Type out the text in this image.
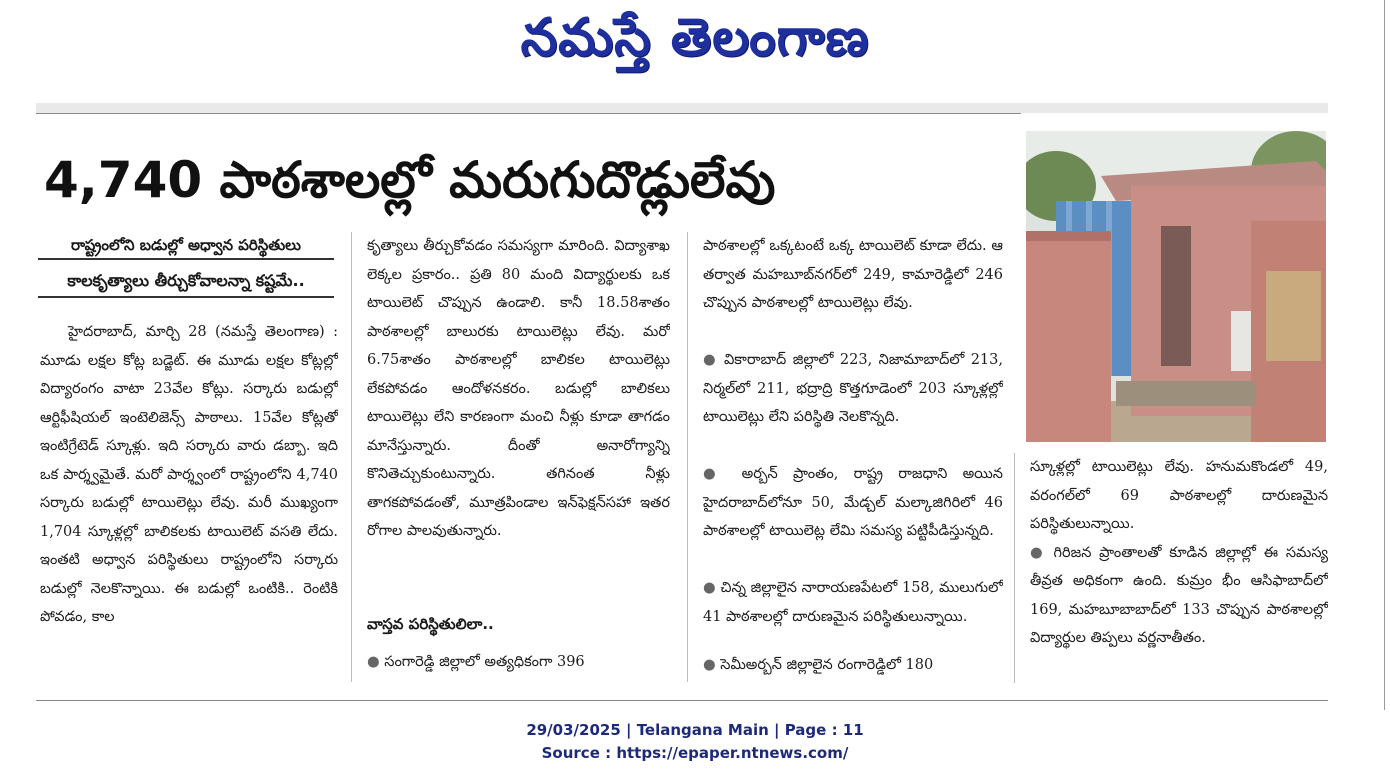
నమస్తే తెలంగాణ
4,740 పాఠశాలల్లో మరుగుదొడ్లులేవు
రాష్ట్రంలోని బడుల్లో అధ్వాన పరిస్థితులు
కాలకృత్యాలు తీర్చుకోవాలన్నా కష్టమే..

హైదరాబాద్, మార్చి 28 (నమస్తే తెలంగాణ) : మూడు లక్షల కోట్ల బడ్జెట్. ఈ మూడు లక్షల కోట్లల్లో విద్యారంగం వాటా 23వేల కోట్లు. సర్కారు బడుల్లో ఆర్టిఫీషియల్ ఇంటెలిజెన్స్ పాఠాలు. 15వేల కోట్లతో ఇంటిగ్రేటెడ్ స్కూళ్లు. ఇది సర్కారు వారు డబ్బా. ఇది ఒక పార్శ్వమైతే. మరో పార్శ్వంలో రాష్ట్రంలోని 4,740 సర్కారు బడుల్లో టాయిలెట్లు లేవు. మరీ ముఖ్యంగా 1,704 స్కూళ్లల్లో బాలికలకు టాయిలెట్ వసతి లేదు. ఇంతటి అధ్వాన పరిస్థితులు రాష్ట్రంలోని సర్కారు బడుల్లో నెలకొన్నాయి. ఈ బడుల్లో ఒంటికి.. రెంటికి పోవడం, కాల

కృత్యాలు తీర్చుకోవడం సమస్యగా మారింది. విద్యాశాఖ లెక్కల ప్రకారం.. ప్రతి 80 మంది విద్యార్థులకు ఒక టాయిలెట్ చొప్పున ఉండాలి. కానీ 18.58శాతం పాఠశాలల్లో బాలురకు టాయిలెట్లు లేవు. మరో 6.75శాతం పాఠశాలల్లో బాలికల టాయిలెట్లు లేకపోవడం ఆందోళనకరం. బడుల్లో బాలికలు టాయిలెట్లు లేని కారణంగా మంచి నీళ్లు కూడా తాగడం మానేస్తున్నారు. దీంతో అనారోగ్యాన్ని కొనితెచ్చుకుంటున్నారు. తగినంత నీళ్లు తాగకపోవడంతో, మూత్రపిండాల ఇన్‌ఫెక్షన్‌సహా ఇతర రోగాల పాలవుతున్నారు.

వాస్తవ పరిస్థితులిలా..

● సంగారెడ్డి జిల్లాలో అత్యధికంగా 396

పాఠశాలల్లో ఒక్కటంటే ఒక్క టాయిలెట్ కూడా లేదు. ఆ తర్వాత మహబూబ్‌నగర్‌లో 249, కామారెడ్డిలో 246 చొప్పున పాఠశాలల్లో టాయిలెట్లు లేవు.

● వికారాబాద్ జిల్లాలో 223, నిజామాబాద్‌లో 213, నిర్మల్‌లో 211, భద్రాద్రి కొత్తగూడెంలో 203 స్కూళ్లల్లో టాయిలెట్లు లేని పరిస్థితి నెలకొన్నది.

● అర్బన్ ప్రాంతం, రాష్ట్ర రాజధాని అయిన హైదరాబాద్‌లోనూ 50, మేడ్చల్ మల్కాజిగిరిలో 46 పాఠశాలల్లో టాయిలెట్ల లేమి సమస్య పట్టిపీడిస్తున్నది.

● చిన్న జిల్లాలైన నారాయణపేటలో 158, ములుగులో 41 పాఠశాలల్లో దారుణమైన పరిస్థితులున్నాయి.

● సెమీఅర్బన్ జిల్లాలైన రంగారెడ్డిలో 180

స్కూళ్లల్లో టాయిలెట్లు లేవు. హనుమకొండలో 49, వరంగల్‌లో 69 పాఠశాలల్లో దారుణమైన పరిస్థితులున్నాయి.

● గిరిజన ప్రాంతాలతో కూడిన జిల్లాల్లో ఈ సమస్య తీవ్రత అధికంగా ఉంది. కుమ్రం భీం ఆసిఫాబాద్‌లో 169, మహబూబాబాద్‌లో 133 చొప్పున పాఠశాలల్లో విద్యార్థుల తిప్పలు వర్ణనాతీతం.

29/03/2025 | Telangana Main | Page : 11
Source : https://epaper.ntnews.com/
